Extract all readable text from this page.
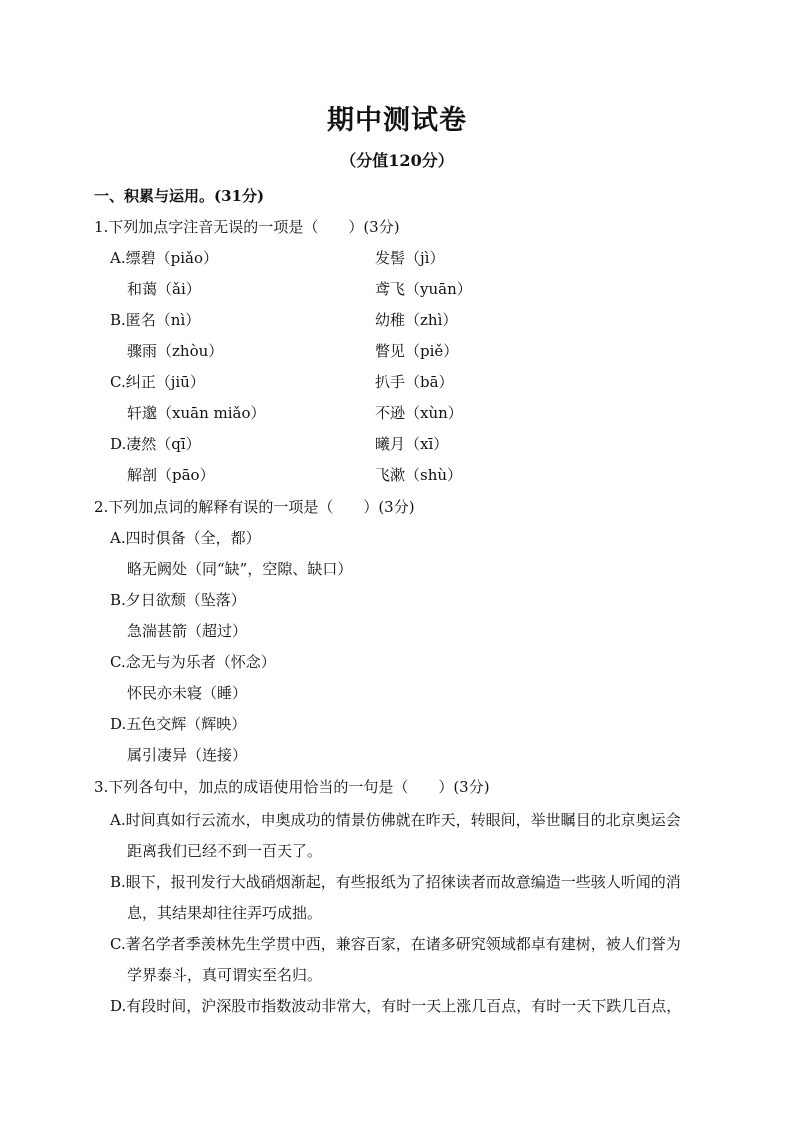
期中测试卷
（分值120分）
一、积累与运用。(31分)
1.下列加点字注音无误的一项是（　　）(3分)
A.缥碧（piǎo）	发髻（jì）
和蔼（ǎi）	鸢飞（yuān）
B.匿名（nì）	幼稚（zhì）
骤雨（zhòu）	瞥见（piě）
C.纠正（jiū）	扒手（bā）
轩邈（xuān miǎo）	不逊（xùn）
D.凄然（qī）	曦月（xī）
解剖（pāo）	飞漱（shù）
2.下列加点词的解释有误的一项是（　　）(3分)
A.四时俱备（全，都）
略无阙处（同“缺”，空隙、缺口）
B.夕日欲颓（坠落）
急湍甚箭（超过）
C.念无与为乐者（怀念）
怀民亦未寝（睡）
D.五色交辉（辉映）
属引凄异（连接）
3.下列各句中，加点的成语使用恰当的一句是（　　）(3分)
A.时间真如行云流水，申奥成功的情景仿佛就在昨天，转眼间，举世瞩目的北京奥运会
距离我们已经不到一百天了。
B.眼下，报刊发行大战硝烟渐起，有些报纸为了招徕读者而故意编造一些骇人听闻的消
息，其结果却往往弄巧成拙。
C.著名学者季羡林先生学贯中西，兼容百家，在诸多研究领域都卓有建树，被人们誉为
学界泰斗，真可谓实至名归。
D.有段时间，沪深股市指数波动非常大，有时一天上涨几百点，有时一天下跌几百点，
